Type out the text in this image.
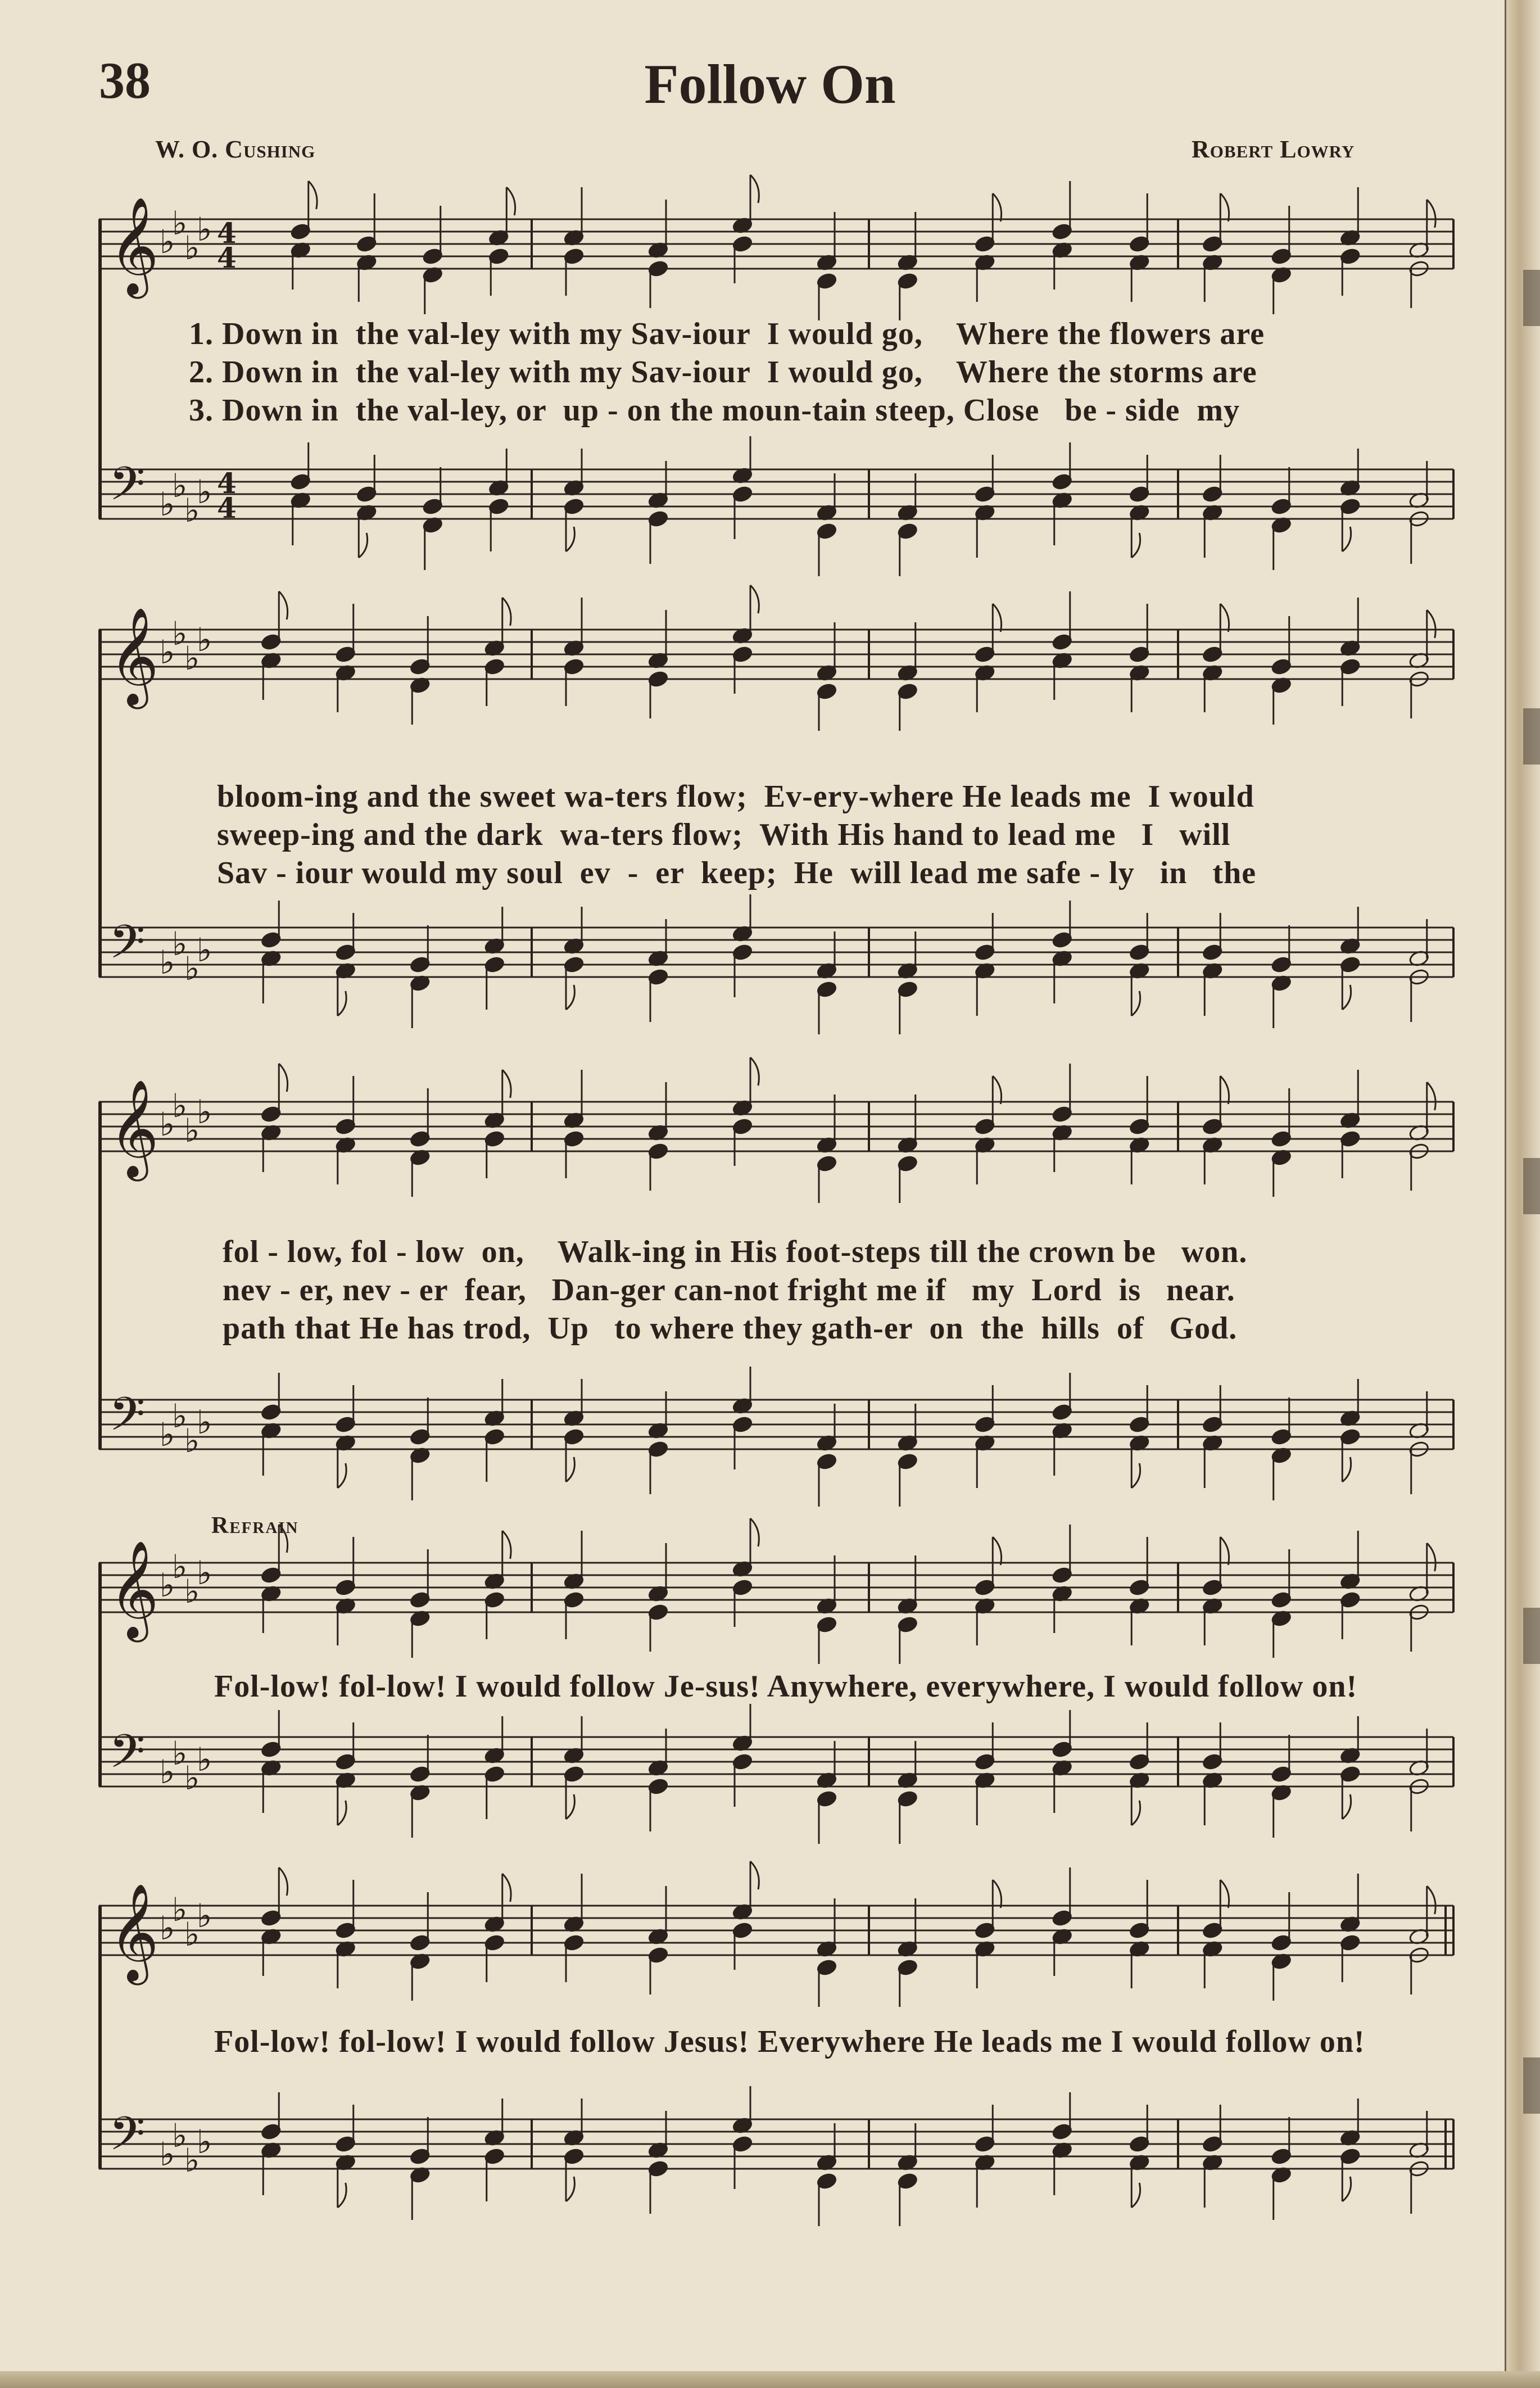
38	Follow On
W. O. Cushing	Robert Lowry
𝄞 ♭
♭
♭
♭ 4
4
𝄢 ♭
♭
♭
♭ 4
4
1. Down in  the val-ley with my Sav-iour  I would go,    Where the flowers are
2. Down in  the val-ley with my Sav-iour  I would go,    Where the storms are
3. Down in  the val-ley, or  up - on the moun-tain steep, Close   be - side  my
𝄞 ♭
♭
♭
♭
𝄢 ♭
♭
♭
♭
bloom-ing and the sweet wa-ters flow;  Ev-ery-where He leads me  I would
sweep-ing and the dark  wa-ters flow;  With His hand to lead me   I   will
Sav - iour would my soul  ev  -  er  keep;  He  will lead me safe - ly   in   the
𝄞 ♭
♭
♭
♭
𝄢 ♭
♭
♭
♭
fol - low, fol - low  on,    Walk-ing in His foot-steps till the crown be   won.
nev - er, nev - er  fear,   Dan-ger can-not fright me if   my  Lord  is   near.
path that He has trod,  Up   to where they gath-er  on  the  hills  of   God.
Refrain
𝄞 ♭
♭
♭
♭
𝄢 ♭
♭
♭
♭
Fol-low! fol-low! I would follow Je-sus! Anywhere, everywhere, I would follow on!
𝄞 ♭
♭
♭
♭
𝄢 ♭
♭
♭
♭
Fol-low! fol-low! I would follow Jesus! Everywhere He leads me I would follow on!
